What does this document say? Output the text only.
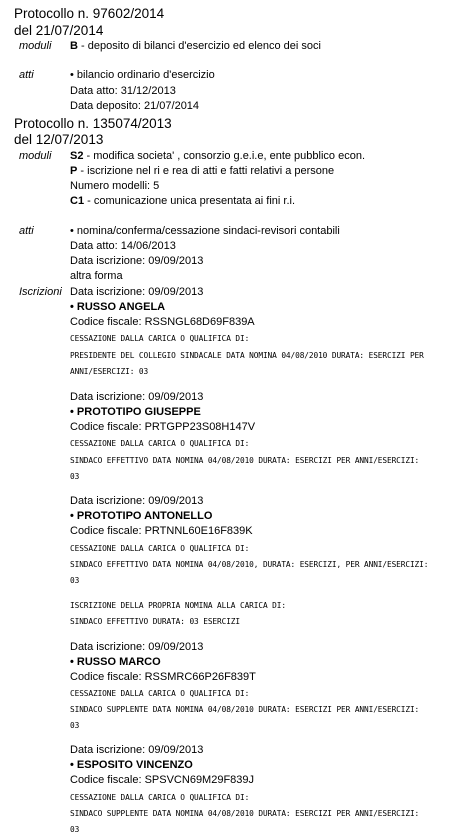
Protocollo n. 97602/2014
del 21/07/2014
moduli B - deposito di bilanci d'esercizio ed elenco dei soci
atti	• bilancio ordinario d'esercizio
Data atto: 31/12/2013
Data deposito: 21/07/2014
Protocollo n. 135074/2013
del 12/07/2013
moduli S2 - modifica societa' , consorzio g.e.i.e, ente pubblico econ.
P - iscrizione nel ri e rea di atti e fatti relativi a persone
Numero modelli: 5
C1 - comunicazione unica presentata ai fini r.i.
atti	• nomina/conferma/cessazione sindaci-revisori contabili
Data atto: 14/06/2013
Data iscrizione: 09/09/2013
altra forma
Iscrizioni Data iscrizione: 09/09/2013
• RUSSO ANGELA
Codice fiscale: RSSNGL68D69F839A
CESSAZIONE DALLA CARICA O QUALIFICA DI:
PRESIDENTE DEL COLLEGIO SINDACALE DATA NOMINA 04/08/2010 DURATA: ESERCIZI PER
ANNI/ESERCIZI: 03
Data iscrizione: 09/09/2013
• PROTOTIPO GIUSEPPE
Codice fiscale: PRTGPP23S08H147V
CESSAZIONE DALLA CARICA O QUALIFICA DI:
SINDACO EFFETTIVO DATA NOMINA 04/08/2010 DURATA: ESERCIZI PER ANNI/ESERCIZI:
03
Data iscrizione: 09/09/2013
• PROTOTIPO ANTONELLO
Codice fiscale: PRTNNL60E16F839K
CESSAZIONE DALLA CARICA O QUALIFICA DI:
SINDACO EFFETTIVO DATA NOMINA 04/08/2010, DURATA: ESERCIZI, PER ANNI/ESERCIZI:
03
ISCRIZIONE DELLA PROPRIA NOMINA ALLA CARICA DI:
SINDACO EFFETTIVO DURATA: 03 ESERCIZI
Data iscrizione: 09/09/2013
• RUSSO MARCO
Codice fiscale: RSSMRC66P26F839T
CESSAZIONE DALLA CARICA O QUALIFICA DI:
SINDACO SUPPLENTE DATA NOMINA 04/08/2010 DURATA: ESERCIZI PER ANNI/ESERCIZI:
03
Data iscrizione: 09/09/2013
• ESPOSITO VINCENZO
Codice fiscale: SPSVCN69M29F839J
CESSAZIONE DALLA CARICA O QUALIFICA DI:
SINDACO SUPPLENTE DATA NOMINA 04/08/2010 DURATA: ESERCIZI PER ANNI/ESERCIZI:
03
